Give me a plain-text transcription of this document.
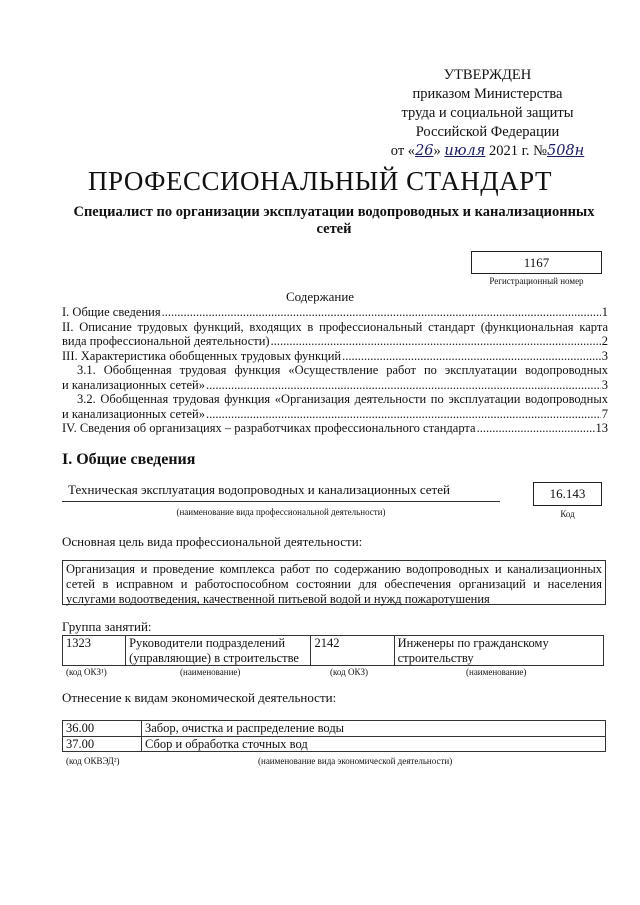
УТВЕРЖДЕН
приказом Министерства
труда и социальной защиты
Российской Федерации
от «26» июля 2021 г. №508н
ПРОФЕССИОНАЛЬНЫЙ СТАНДАРТ
Специалист по организации эксплуатации водопроводных и канализационных сетей
1167
Регистрационный номер
Содержание
I. Общие сведения .....	1
II. Описание трудовых функций, входящих в профессиональный стандарт (функциональная карта
вида профессиональной деятельности) .....	2
III. Характеристика обобщенных трудовых функций .....	3
3.1. Обобщенная трудовая функция «Осуществление работ по эксплуатации водопроводных
и канализационных сетей» .....	3
3.2. Обобщенная трудовая функция «Организация деятельности по эксплуатации водопроводных
и канализационных сетей» .....	7
IV. Сведения об организациях – разработчиках профессионального стандарта .....	13
I. Общие сведения
Техническая эксплуатация водопроводных и канализационных сетей
(наименование вида профессиональной деятельности)
16.143
Код
Основная цель вида профессиональной деятельности:
Организация и проведение комплекса работ по содержанию водопроводных и канализационных сетей в исправном и работоспособном состоянии для обеспечения организаций и населения услугами водоотведения, качественной питьевой водой и нужд пожаротушения
Группа занятий:
1323	Руководители подразделений (управляющие) в строительстве	2142	Инженеры по гражданскому строительству
(код ОКЗ¹)	(наименование)	(код ОКЗ)	(наименование)
Отнесение к видам экономической деятельности:
36.00	Забор, очистка и распределение воды
37.00	Сбор и обработка сточных вод
(код ОКВЭД²)	(наименование вида экономической деятельности)
